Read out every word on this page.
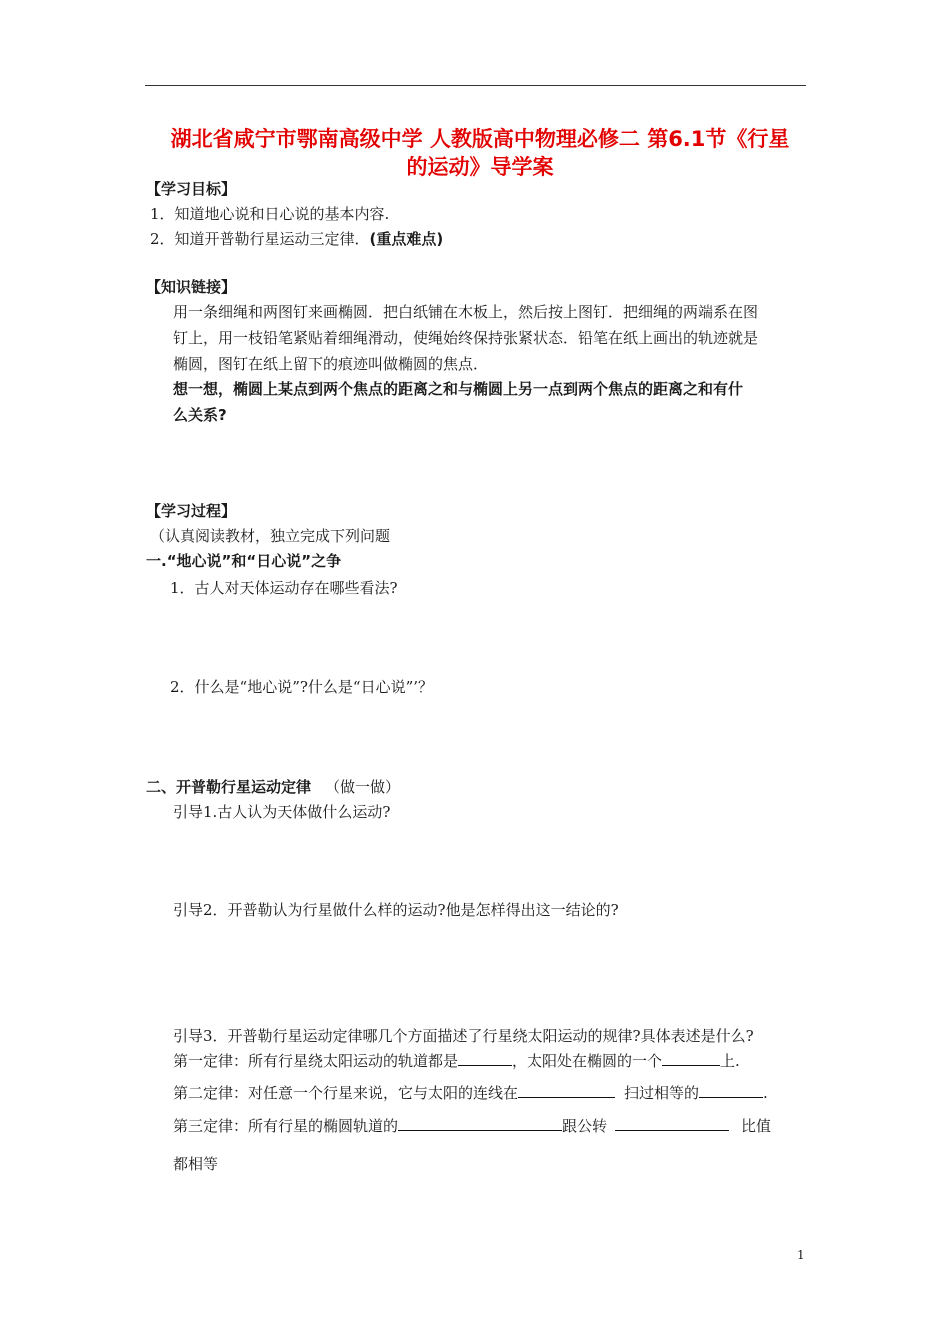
湖北省咸宁市鄂南高级中学 人教版高中物理必修二 第6.1节《行星
的运动》导学案
【学习目标】
1．知道地心说和日心说的基本内容.
2．知道开普勒行星运动三定律．(重点难点)
【知识链接】
用一条细绳和两图钉来画椭圆．把白纸铺在木板上，然后按上图钉．把细绳的两端系在图
钉上，用一枝铅笔紧贴着细绳滑动，使绳始终保持张紧状态．铅笔在纸上画出的轨迹就是
椭圆，图钉在纸上留下的痕迹叫做椭圆的焦点．
想一想，椭圆上某点到两个焦点的距离之和与椭圆上另一点到两个焦点的距离之和有什
么关系?
【学习过程】
（认真阅读教材，独立完成下列问题
一.“地心说”和“日心说”之争
1．古人对天体运动存在哪些看法?
2．什么是“地心说”?什么是“日心说”’？
二、开普勒行星运动定律 （做一做）
引导1.古人认为天体做什么运动?
引导2．开普勒认为行星做什么样的运动?他是怎样得出这一结论的?
引导3．开普勒行星运动定律哪几个方面描述了行星绕太阳运动的规律?具体表述是什么?
第一定律：所有行星绕太阳运动的轨道都是	，太阳处在椭圆的一个	上.
第二定律：对任意一个行星来说，它与太阳的连线在	扫过相等的	.
第三定律：所有行星的椭圆轨道的	跟公转	比值
都相等
1
